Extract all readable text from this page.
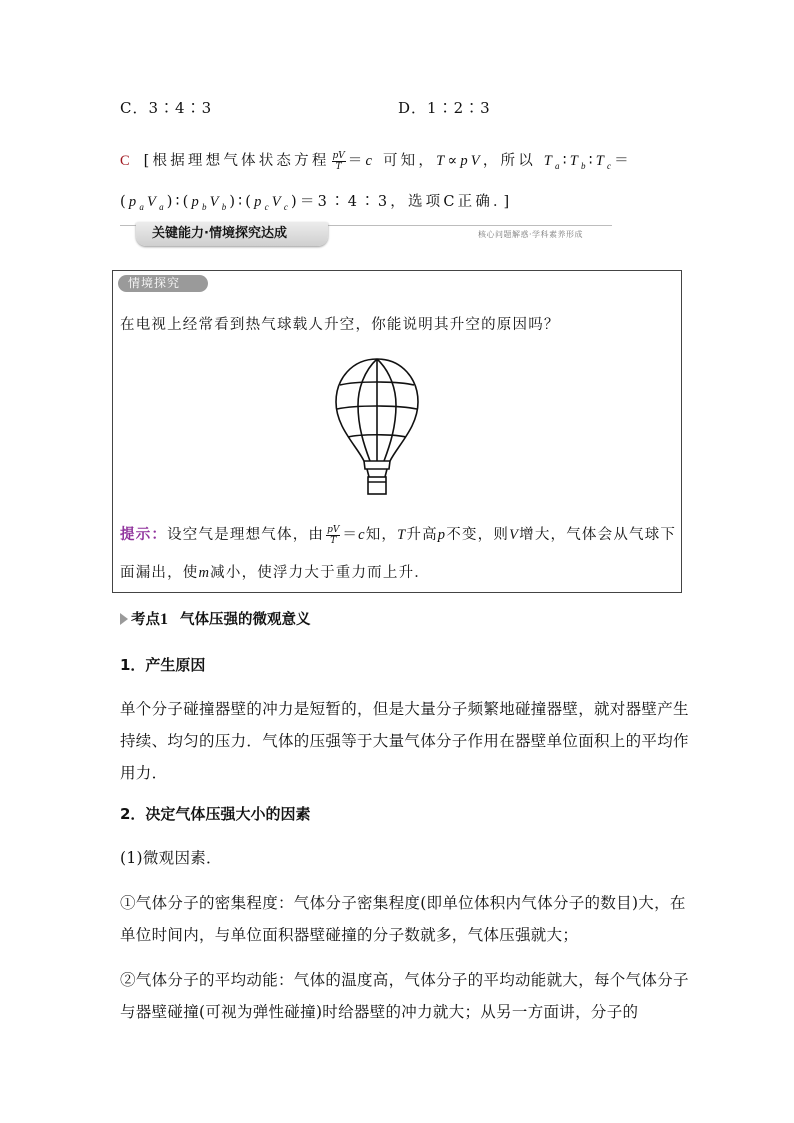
C．3∶4∶3	D．1∶2∶3
C [根据理想气体状态方程 $\frac{pV}{T} =c$ 可知，T∝pV，所以 $T_a∶T_b∶T_c=$
$(p_aV_a)∶(p_bV_b)∶(p_cV_c)=3∶4∶3$，选项C正确．]
关键能力·情境探究达成	核心问题解惑·学科素养形成
情境探究
在电视上经常看到热气球载人升空，你能说明其升空的原因吗？
提示：设空气是理想气体，由 $\frac{pV}{T} =c$知，T升高p不变，则V增大，气体会从气球下面漏出，使m减小，使浮力大于重力而上升．
考点1 气体压强的微观意义
1．产生原因
单个分子碰撞器壁的冲力是短暂的，但是大量分子频繁地碰撞器壁，就对器壁产生持续、均匀的压力．气体的压强等于大量气体分子作用在器壁单位面积上的平均作用力．
2．决定气体压强大小的因素
(1)微观因素．
①气体分子的密集程度：气体分子密集程度(即单位体积内气体分子的数目)大，在单位时间内，与单位面积器壁碰撞的分子数就多，气体压强就大；
②气体分子的平均动能：气体的温度高，气体分子的平均动能就大，每个气体分子与器壁碰撞(可视为弹性碰撞)时给器壁的冲力就大；从另一方面讲，分子的
